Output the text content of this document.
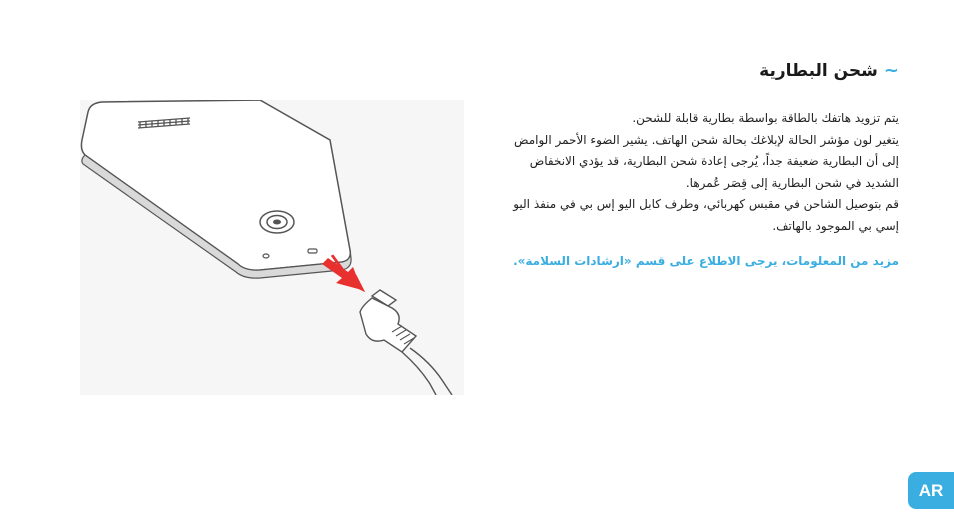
~
شحن البطارية

يتم تزويد هاتفك بالطاقة بواسطة بطارية قابلة للشحن.

يتغير لون مؤشر الحالة لإبلاغك بحالة شحن الهاتف. يشير الضوء الأحمر الوامض إلى أن البطارية ضعيفة جداً، يُرجى إعادة شحن البطارية، قد يؤدي الانخفاض الشديد في شحن البطارية إلى قِصَر عُمرها.

قم بتوصيل الشاحن في مقبس كهربائي، وطرف كابل اليو إس بي في منفذ اليو إسي بي الموجود بالهاتف.

مزيد من المعلومات، يرجى الاطلاع على قسم «ارشادات السلامة».
AR
